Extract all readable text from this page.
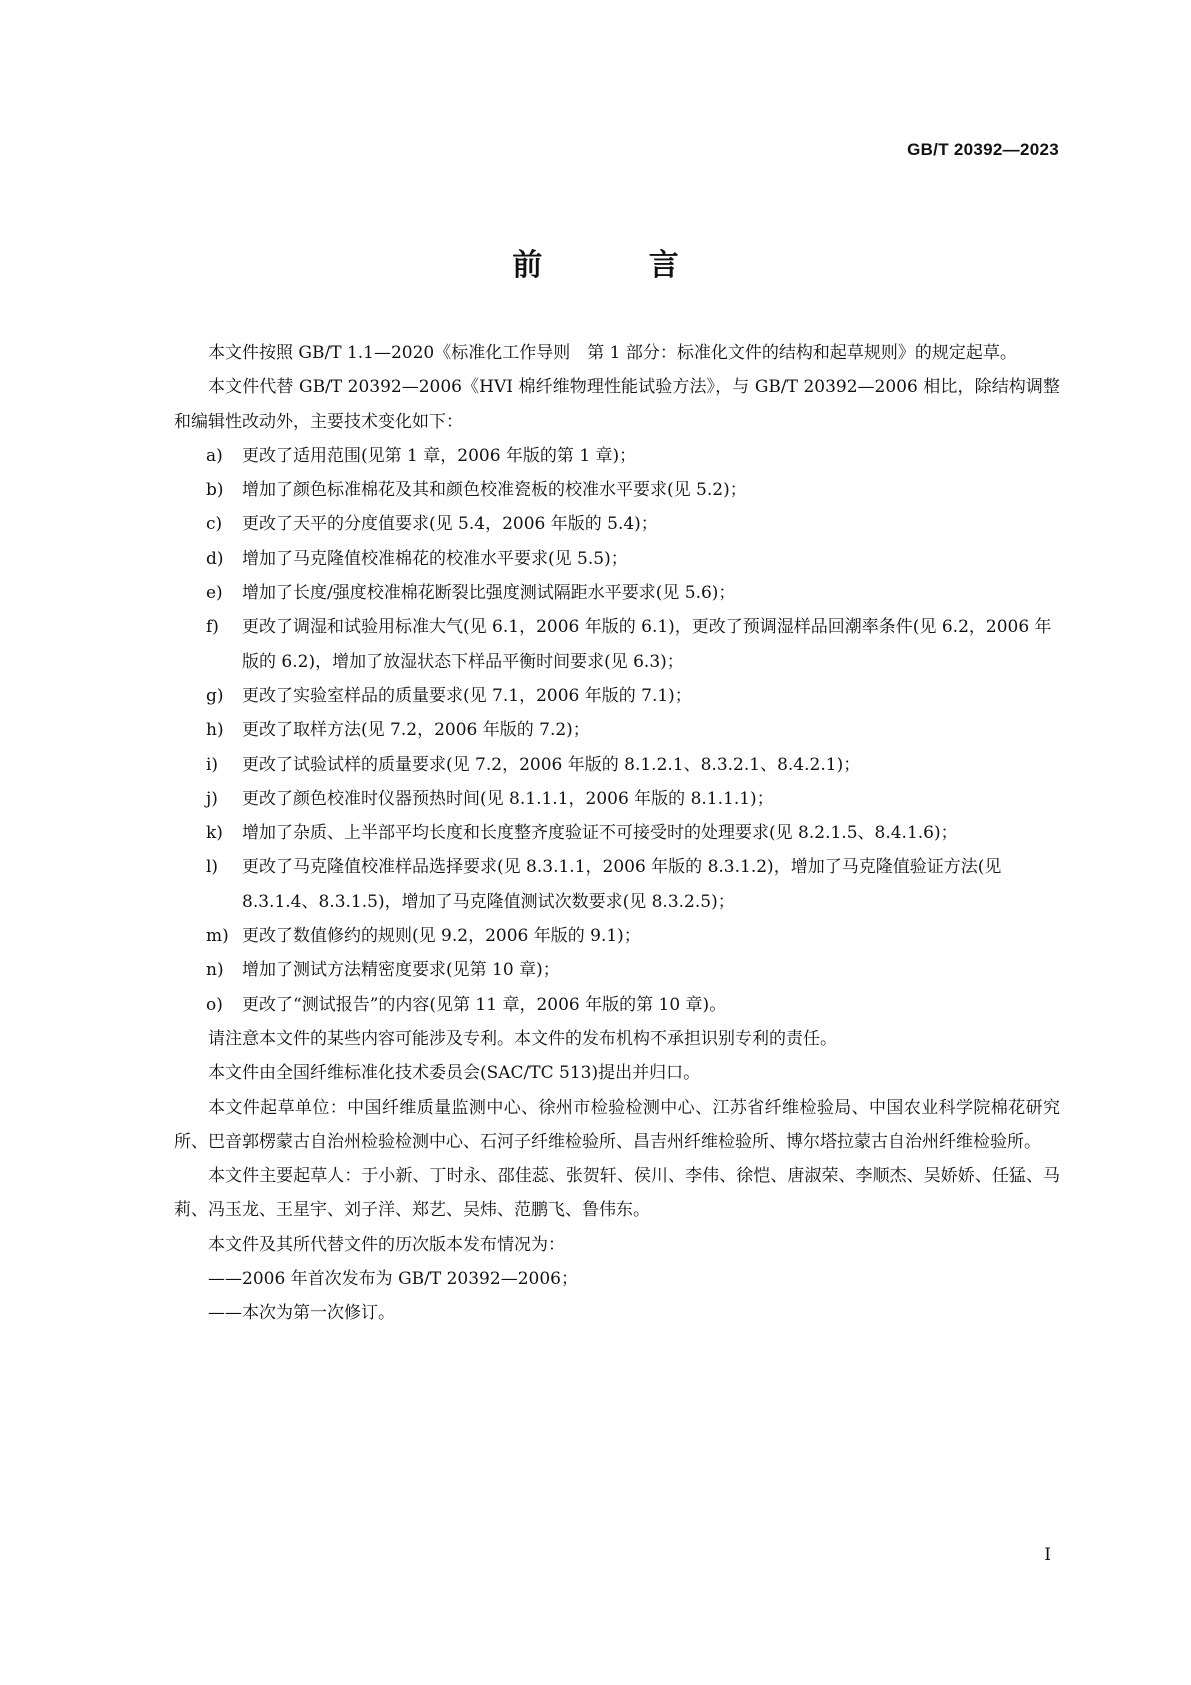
GB/T 20392—2023
前 言

本文件按照 GB/T 1.1—2020《标准化工作导则　第 1 部分：标准化文件的结构和起草规则》的规定起草。

本文件代替 GB/T 20392—2006《HVI 棉纤维物理性能试验方法》，与 GB/T 20392—2006 相比，除结构调整和编辑性改动外，主要技术变化如下：

a) 更改了适用范围(见第 1 章，2006 年版的第 1 章)；

b) 增加了颜色标准棉花及其和颜色校准瓷板的校准水平要求(见 5.2)；

c) 更改了天平的分度值要求(见 5.4，2006 年版的 5.4)；

d) 增加了马克隆值校准棉花的校准水平要求(见 5.5)；

e) 增加了长度/强度校准棉花断裂比强度测试隔距水平要求(见 5.6)；

f) 更改了调湿和试验用标准大气(见 6.1，2006 年版的 6.1)，更改了预调湿样品回潮率条件(见 6.2，2006 年版的 6.2)，增加了放湿状态下样品平衡时间要求(见 6.3)；

g) 更改了实验室样品的质量要求(见 7.1，2006 年版的 7.1)；

h) 更改了取样方法(见 7.2，2006 年版的 7.2)；

i) 更改了试验试样的质量要求(见 7.2，2006 年版的 8.1.2.1、8.3.2.1、8.4.2.1)；

j) 更改了颜色校准时仪器预热时间(见 8.1.1.1，2006 年版的 8.1.1.1)；

k) 增加了杂质、上半部平均长度和长度整齐度验证不可接受时的处理要求(见 8.2.1.5、8.4.1.6)；

l) 更改了马克隆值校准样品选择要求(见 8.3.1.1，2006 年版的 8.3.1.2)，增加了马克隆值验证方法(见 8.3.1.4、8.3.1.5)，增加了马克隆值测试次数要求(见 8.3.2.5)；

m) 更改了数值修约的规则(见 9.2，2006 年版的 9.1)；

n) 增加了测试方法精密度要求(见第 10 章)；

o) 更改了“测试报告”的内容(见第 11 章，2006 年版的第 10 章)。

请注意本文件的某些内容可能涉及专利。本文件的发布机构不承担识别专利的责任。

本文件由全国纤维标准化技术委员会(SAC/TC 513)提出并归口。

本文件起草单位：中国纤维质量监测中心、徐州市检验检测中心、江苏省纤维检验局、中国农业科学院棉花研究所、巴音郭楞蒙古自治州检验检测中心、石河子纤维检验所、昌吉州纤维检验所、博尔塔拉蒙古自治州纤维检验所。

本文件主要起草人：于小新、丁时永、邵佳蕊、张贺轩、侯川、李伟、徐恺、唐淑荣、李顺杰、吴娇娇、任猛、马莉、冯玉龙、王星宇、刘子洋、郑艺、吴炜、范鹏飞、鲁伟东。

本文件及其所代替文件的历次版本发布情况为：

——2006 年首次发布为 GB/T 20392—2006；

——本次为第一次修订。

I
